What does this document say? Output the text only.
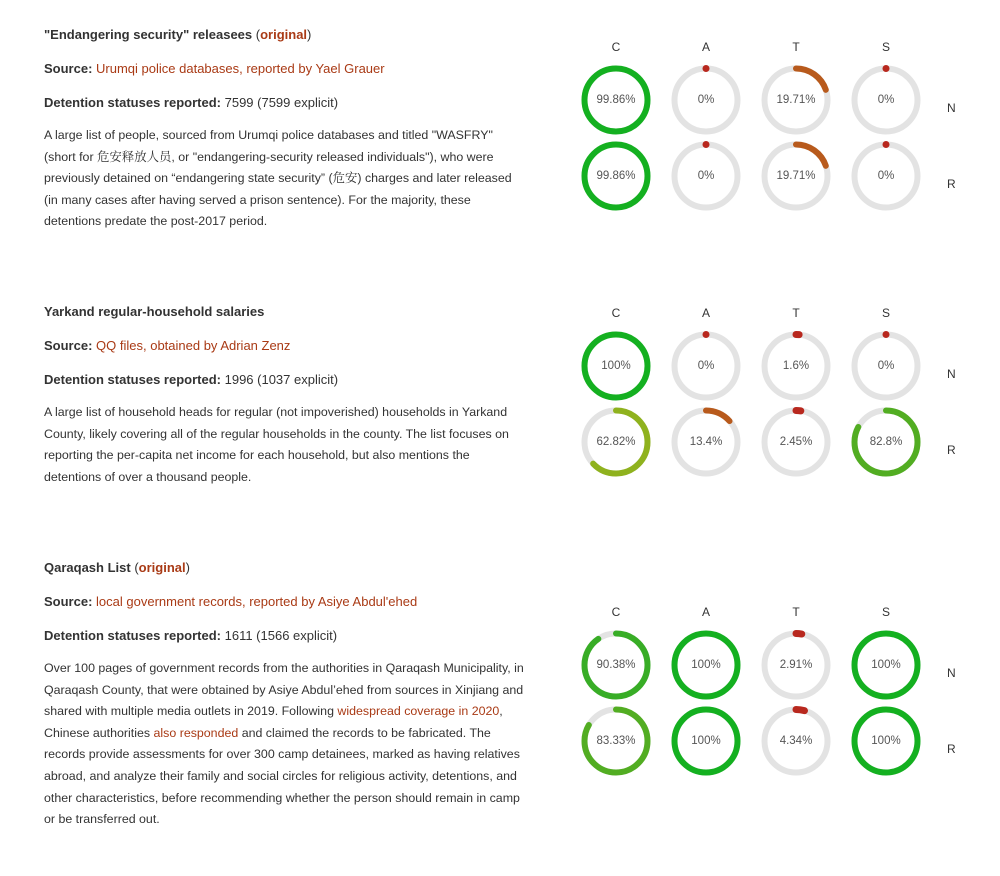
"Endangering security" releasees (original)

Source: Urumqi police databases, reported by Yael Grauer

Detention statuses reported: 7599 (7599 explicit)

A large list of people, sourced from Urumqi police databases and titled "WASFRY" (short for 危安释放人员, or "endangering-security released individuals"), who were previously detained on “endangering state security” (危安) charges and later released (in many cases after having served a prison sentence). For the majority, these detentions predate the post-2017 period.

C	A	T	S
N
99.86%	0%	19.71%	0%
R
99.86%	0%	19.71%	0%

Yarkand regular-household salaries

Source: QQ files, obtained by Adrian Zenz

Detention statuses reported: 1996 (1037 explicit)

A large list of household heads for regular (not impoverished) households in Yarkand County, likely covering all of the regular households in the county. The list focuses on reporting the per-capita net income for each household, but also mentions the detentions of over a thousand people.

C	A	T	S
N
100%	0%	1.6%	0%
R
62.82%	13.4%	2.45%	82.8%

Qaraqash List (original)

Source: local government records, reported by Asiye Abdul'ehed

Detention statuses reported: 1611 (1566 explicit)

Over 100 pages of government records from the authorities in Qaraqash Municipality, in Qaraqash County, that were obtained by Asiye Abdul’ehed from sources in Xinjiang and shared with multiple media outlets in 2019. Following widespread coverage in 2020, Chinese authorities also responded and claimed the records to be fabricated. The records provide assessments for over 300 camp detainees, marked as having relatives abroad, and analyze their family and social circles for religious activity, detentions, and other characteristics, before recommending whether the person should remain in camp or be transferred out.

C	A	T	S
N
90.38%	100%	2.91%	100%
R
83.33%	100%	4.34%	100%
